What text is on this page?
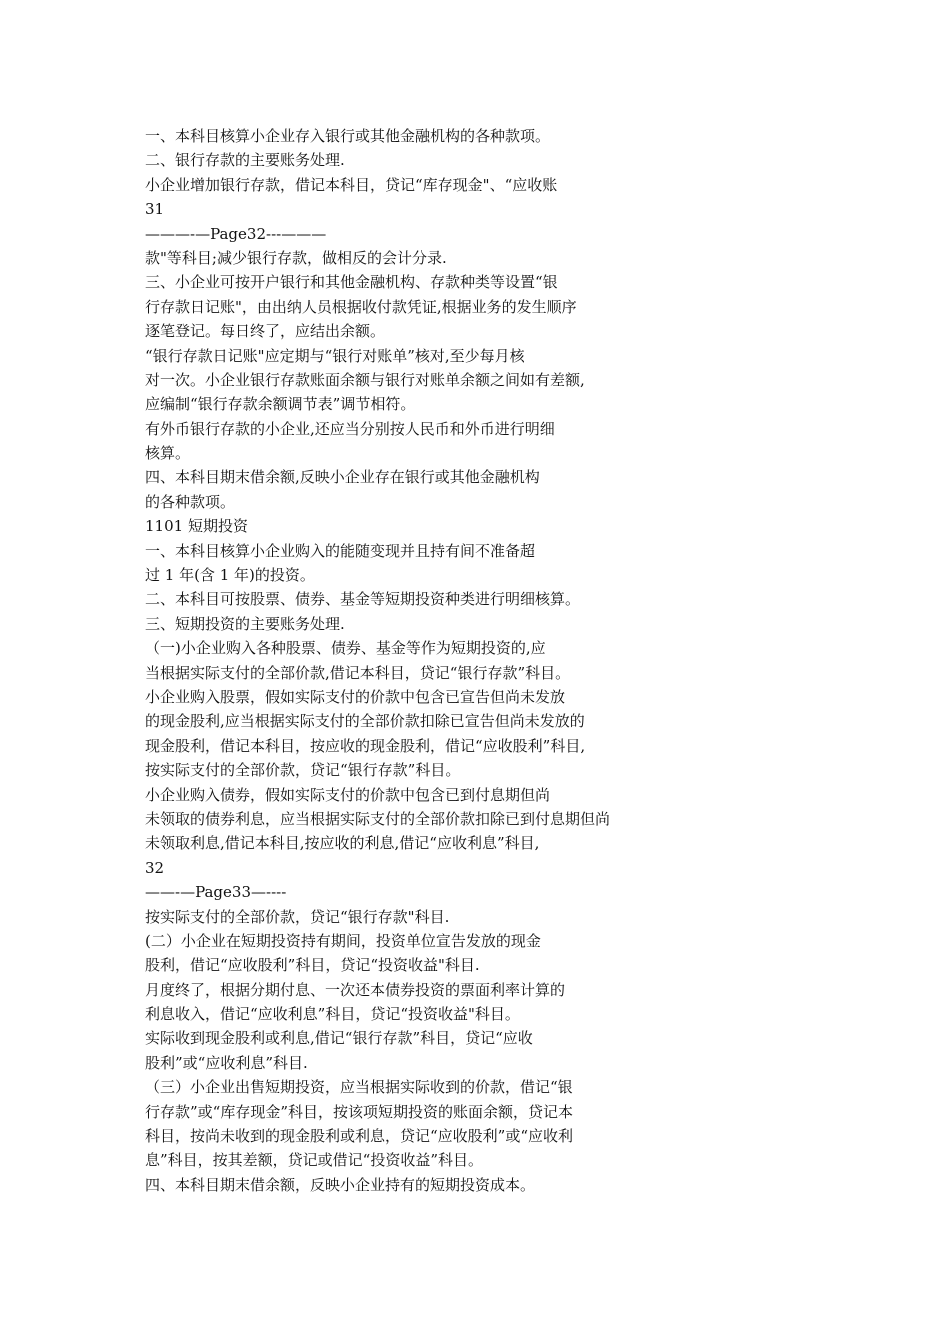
一、本科目核算小企业存入银行或其他金融机构的各种款项。
二、银行存款的主要账务处理.
小企业增加银行存款，借记本科目，贷记“库存现金"、“应收账
31
———-—Page32---———
款"等科目;减少银行存款，做相反的会计分录.
三、小企业可按开户银行和其他金融机构、存款种类等设置“银
行存款日记账"，由出纳人员根据收付款凭证,根据业务的发生顺序
逐笔登记。每日终了，应结出余额。
“银行存款日记账"应定期与“银行对账单”核对,至少每月核
对一次。小企业银行存款账面余额与银行对账单余额之间如有差额,
应编制“银行存款余额调节表”调节相符。
有外币银行存款的小企业,还应当分别按人民币和外币进行明细
核算。
四、本科目期末借余额,反映小企业存在银行或其他金融机构
的各种款项。
1101 短期投资
一、本科目核算小企业购入的能随变现并且持有间不准备超
过 1 年(含 1 年)的投资。
二、本科目可按股票、债券、基金等短期投资种类进行明细核算。
三、短期投资的主要账务处理.
（一)小企业购入各种股票、债券、基金等作为短期投资的,应
当根据实际支付的全部价款,借记本科目，贷记“银行存款”科目。
小企业购入股票，假如实际支付的价款中包含已宣告但尚未发放
的现金股利,应当根据实际支付的全部价款扣除已宣告但尚未发放的
现金股利，借记本科目，按应收的现金股利，借记“应收股利”科目,
按实际支付的全部价款，贷记“银行存款”科目。
小企业购入债券，假如实际支付的价款中包含已到付息期但尚
未领取的债券利息，应当根据实际支付的全部价款扣除已到付息期但尚
未领取利息,借记本科目,按应收的利息,借记“应收利息”科目,
32
——-—Page33—----
按实际支付的全部价款，贷记“银行存款"科目.
(二）小企业在短期投资持有期间，投资单位宣告发放的现金
股利，借记“应收股利”科目，贷记“投资收益"科目.
月度终了，根据分期付息、一次还本债券投资的票面利率计算的
利息收入，借记“应收利息”科目，贷记“投资收益"科目。
实际收到现金股利或利息,借记“银行存款”科目，贷记“应收
股利”或“应收利息”科目.
（三）小企业出售短期投资，应当根据实际收到的价款，借记“银
行存款”或“库存现金”科目，按该项短期投资的账面余额，贷记本
科目，按尚未收到的现金股利或利息，贷记“应收股利”或“应收利
息”科目，按其差额，贷记或借记“投资收益”科目。
四、本科目期末借余额，反映小企业持有的短期投资成本。
